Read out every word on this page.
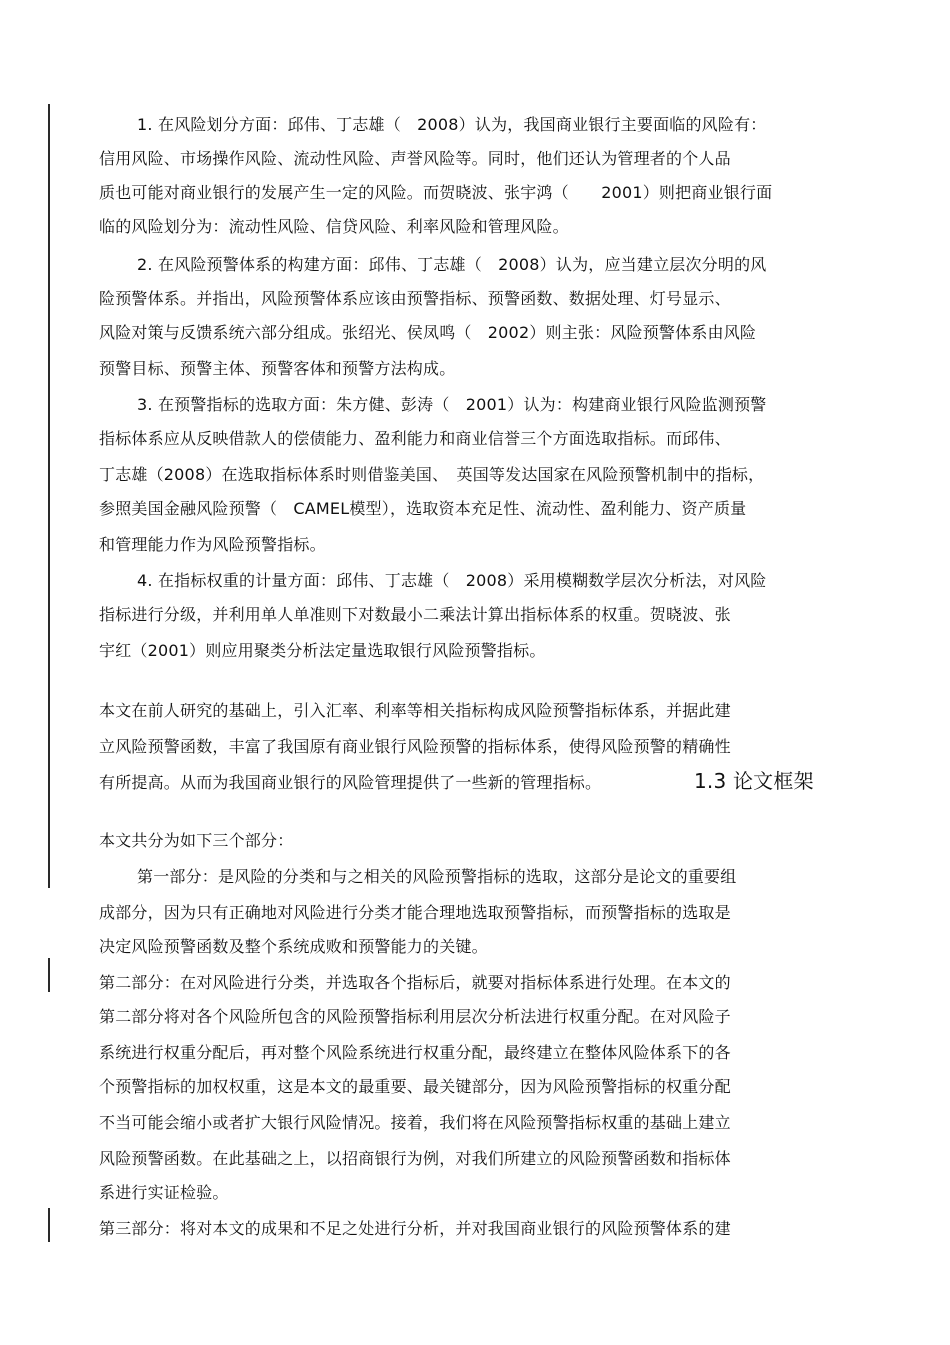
1. 在风险划分方面：邱伟、丁志雄（　2008）认为，我国商业银行主要面临的风险有：
信用风险、市场操作风险、流动性风险、声誉风险等。同时，他们还认为管理者的个人品
质也可能对商业银行的发展产生一定的风险。而贺晓波、张宇鸿（　　2001）则把商业银行面
临的风险划分为：流动性风险、信贷风险、利率风险和管理风险。
2. 在风险预警体系的构建方面：邱伟、丁志雄（　2008）认为，应当建立层次分明的风
险预警体系。并指出，风险预警体系应该由预警指标、预警函数、数据处理、灯号显示、
风险对策与反馈系统六部分组成。张绍光、侯凤鸣（　2002）则主张：风险预警体系由风险
预警目标、预警主体、预警客体和预警方法构成。
3. 在预警指标的选取方面：朱方健、彭涛（　2001）认为：构建商业银行风险监测预警
指标体系应从反映借款人的偿债能力、盈利能力和商业信誉三个方面选取指标。而邱伟、
丁志雄（2008）在选取指标体系时则借鉴美国、　英国等发达国家在风险预警机制中的指标，
参照美国金融风险预警（　CAMEL模型），选取资本充足性、流动性、盈利能力、资产质量
和管理能力作为风险预警指标。
4. 在指标权重的计量方面：邱伟、丁志雄（　2008）采用模糊数学层次分析法，对风险
指标进行分级，并利用单人单准则下对数最小二乘法计算出指标体系的权重。贺晓波、张
宇红（2001）则应用聚类分析法定量选取银行风险预警指标。
本文在前人研究的基础上，引入汇率、利率等相关指标构成风险预警指标体系，并据此建
立风险预警函数，丰富了我国原有商业银行风险预警的指标体系，使得风险预警的精确性
有所提高。从而为我国商业银行的风险管理提供了一些新的管理指标。	1.3 论文框架
本文共分为如下三个部分：
第一部分：是风险的分类和与之相关的风险预警指标的选取，这部分是论文的重要组
成部分，因为只有正确地对风险进行分类才能合理地选取预警指标，而预警指标的选取是
决定风险预警函数及整个系统成败和预警能力的关键。
第二部分：在对风险进行分类，并选取各个指标后，就要对指标体系进行处理。在本文的
第二部分将对各个风险所包含的风险预警指标利用层次分析法进行权重分配。在对风险子
系统进行权重分配后，再对整个风险系统进行权重分配，最终建立在整体风险体系下的各
个预警指标的加权权重，这是本文的最重要、最关键部分，因为风险预警指标的权重分配
不当可能会缩小或者扩大银行风险情况。接着，我们将在风险预警指标权重的基础上建立
风险预警函数。在此基础之上，以招商银行为例，对我们所建立的风险预警函数和指标体
系进行实证检验。
第三部分：将对本文的成果和不足之处进行分析，并对我国商业银行的风险预警体系的建
